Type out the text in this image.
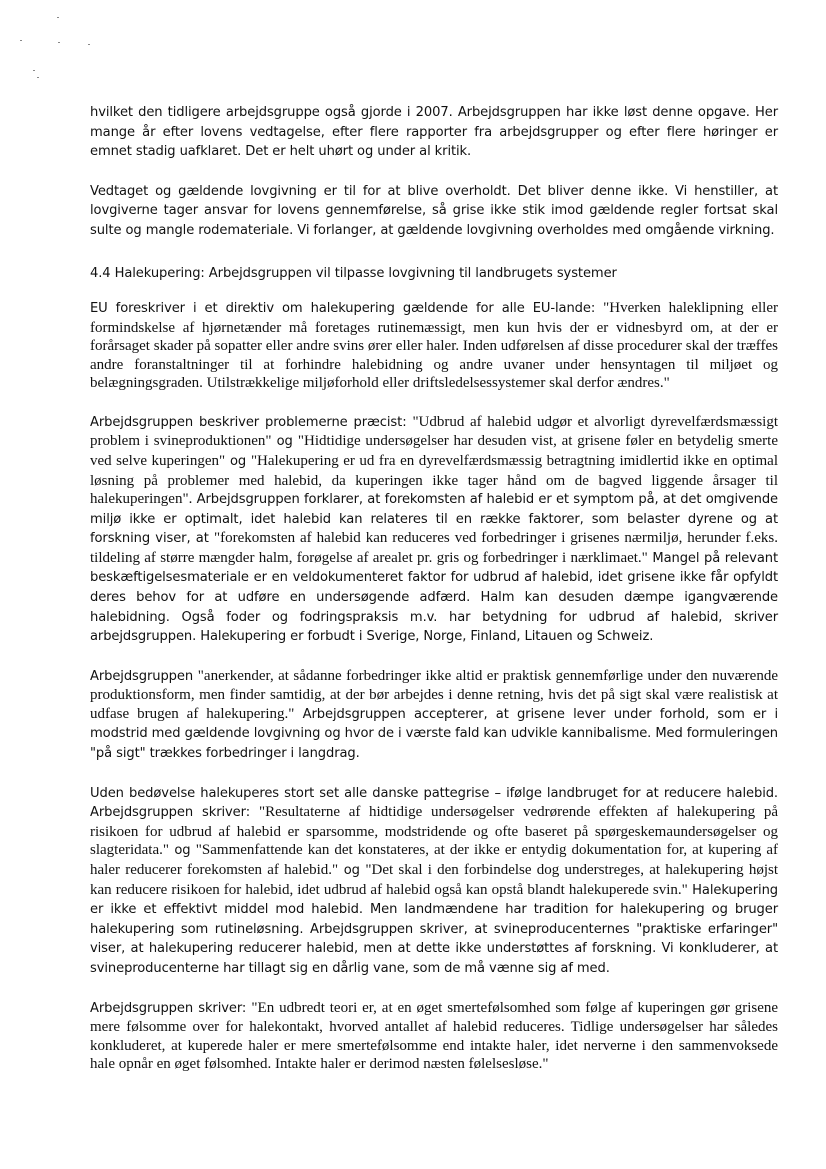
hvilket den tidligere arbejdsgruppe også gjorde i 2007. Arbejdsgruppen har ikke løst denne opgave. Her mange år efter lovens vedtagelse, efter flere rapporter fra arbejdsgrupper og efter flere høringer er emnet stadig uafklaret. Det er helt uhørt og under al kritik.

Vedtaget og gældende lovgivning er til for at blive overholdt. Det bliver denne ikke. Vi henstiller, at lovgiverne tager ansvar for lovens gennemførelse, så grise ikke stik imod gældende regler fortsat skal sulte og mangle rodemateriale. Vi forlanger, at gældende lovgivning overholdes med omgående virkning.

4.4 Halekupering: Arbejdsgruppen vil tilpasse lovgivning til landbrugets systemer

EU foreskriver i et direktiv om halekupering gældende for alle EU-lande: "Hverken haleklipning eller formindskelse af hjørnetænder må foretages rutinemæssigt, men kun hvis der er vidnesbyrd om, at der er forårsaget skader på sopatter eller andre svins ører eller haler. Inden udførelsen af disse procedurer skal der træffes andre foranstaltninger til at forhindre halebidning og andre uvaner under hensyntagen til miljøet og belægningsgraden. Utilstrækkelige miljøforhold eller driftsledelsessystemer skal derfor ændres."

Arbejdsgruppen beskriver problemerne præcist: "Udbrud af halebid udgør et alvorligt dyrevelfærdsmæssigt problem i svineproduktionen" og "Hidtidige undersøgelser har desuden vist, at grisene føler en betydelig smerte ved selve kuperingen" og "Halekupering er ud fra en dyrevelfærdsmæssig betragtning imidlertid ikke en optimal løsning på problemer med halebid, da kuperingen ikke tager hånd om de bagved liggende årsager til halekuperingen". Arbejdsgruppen forklarer, at forekomsten af halebid er et symptom på, at det omgivende miljø ikke er optimalt, idet halebid kan relateres til en række faktorer, som belaster dyrene og at forskning viser, at "forekomsten af halebid kan reduceres ved forbedringer i grisenes nærmiljø, herunder f.eks. tildeling af større mængder halm, forøgelse af arealet pr. gris og forbedringer i nærklimaet." Mangel på relevant beskæftigelsesmateriale er en veldokumenteret faktor for udbrud af halebid, idet grisene ikke får opfyldt deres behov for at udføre en undersøgende adfærd. Halm kan desuden dæmpe igangværende halebidning. Også foder og fodringspraksis m.v. har betydning for udbrud af halebid, skriver arbejdsgruppen. Halekupering er forbudt i Sverige, Norge, Finland, Litauen og Schweiz.

Arbejdsgruppen "anerkender, at sådanne forbedringer ikke altid er praktisk gennemførlige under den nuværende produktionsform, men finder samtidig, at der bør arbejdes i denne retning, hvis det på sigt skal være realistisk at udfase brugen af halekupering." Arbejdsgruppen accepterer, at grisene lever under forhold, som er i modstrid med gældende lovgivning og hvor de i værste fald kan udvikle kannibalisme. Med formuleringen "på sigt" trækkes forbedringer i langdrag.

Uden bedøvelse halekuperes stort set alle danske pattegrise – ifølge landbruget for at reducere halebid. Arbejdsgruppen skriver: "Resultaterne af hidtidige undersøgelser vedrørende effekten af halekupering på risikoen for udbrud af halebid er sparsomme, modstridende og ofte baseret på spørgeskemaundersøgelser og slagteridata." og "Sammenfattende kan det konstateres, at der ikke er entydig dokumentation for, at kupering af haler reducerer forekomsten af halebid." og "Det skal i den forbindelse dog understreges, at halekupering højst kan reducere risikoen for halebid, idet udbrud af halebid også kan opstå blandt halekuperede svin." Halekupering er ikke et effektivt middel mod halebid. Men landmændene har tradition for halekupering og bruger halekupering som rutineløsning. Arbejdsgruppen skriver, at svineproducenternes "praktiske erfaringer" viser, at halekupering reducerer halebid, men at dette ikke understøttes af forskning. Vi konkluderer, at svineproducenterne har tillagt sig en dårlig vane, som de må vænne sig af med.

Arbejdsgruppen skriver: "En udbredt teori er, at en øget smertefølsomhed som følge af kuperingen gør grisene mere følsomme over for halekontakt, hvorved antallet af halebid reduceres. Tidlige undersøgelser har således konkluderet, at kuperede haler er mere smertefølsomme end intakte haler, idet nerverne i den sammenvoksede hale opnår en øget følsomhed. Intakte haler er derimod næsten følelsesløse."
